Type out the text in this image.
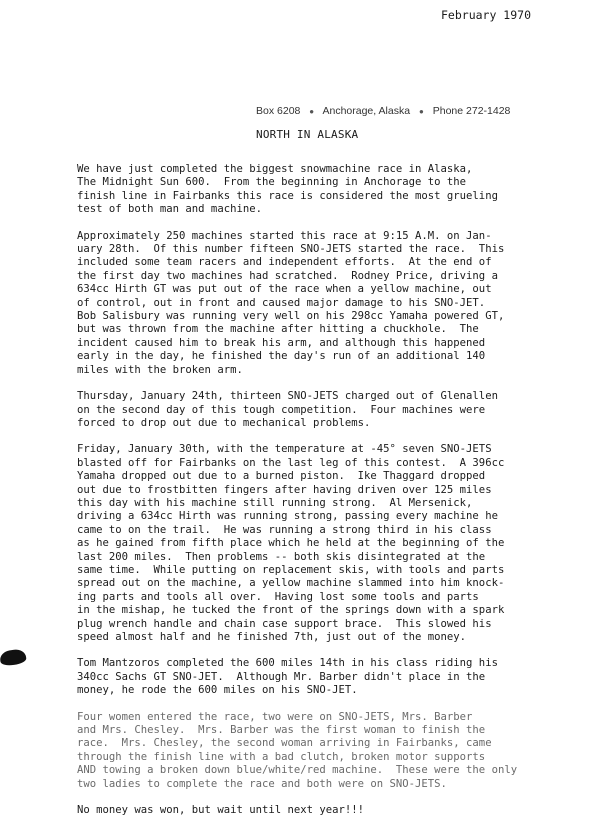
February 1970
Box 6208 ● Anchorage, Alaska ● Phone 272-1428
NORTH IN ALASKA

We have just completed the biggest snowmachine race in Alaska,
The Midnight Sun 600.  From the beginning in Anchorage to the
finish line in Fairbanks this race is considered the most grueling
test of both man and machine.

Approximately 250 machines started this race at 9:15 A.M. on Jan-
uary 28th.  Of this number fifteen SNO-JETS started the race.  This
included some team racers and independent efforts.  At the end of
the first day two machines had scratched.  Rodney Price, driving a
634cc Hirth GT was put out of the race when a yellow machine, out
of control, out in front and caused major damage to his SNO-JET.
Bob Salisbury was running very well on his 298cc Yamaha powered GT,
but was thrown from the machine after hitting a chuckhole.  The
incident caused him to break his arm, and although this happened
early in the day, he finished the day's run of an additional 140
miles with the broken arm.

Thursday, January 24th, thirteen SNO-JETS charged out of Glenallen
on the second day of this tough competition.  Four machines were
forced to drop out due to mechanical problems.

Friday, January 30th, with the temperature at -45° seven SNO-JETS
blasted off for Fairbanks on the last leg of this contest.  A 396cc
Yamaha dropped out due to a burned piston.  Ike Thaggard dropped
out due to frostbitten fingers after having driven over 125 miles
this day with his machine still running strong.  Al Mersenick,
driving a 634cc Hirth was running strong, passing every machine he
came to on the trail.  He was running a strong third in his class
as he gained from fifth place which he held at the beginning of the
last 200 miles.  Then problems -- both skis disintegrated at the
same time.  While putting on replacement skis, with tools and parts
spread out on the machine, a yellow machine slammed into him knock-
ing parts and tools all over.  Having lost some tools and parts
in the mishap, he tucked the front of the springs down with a spark
plug wrench handle and chain case support brace.  This slowed his
speed almost half and he finished 7th, just out of the money.

Tom Mantzoros completed the 600 miles 14th in his class riding his
340cc Sachs GT SNO-JET.  Although Mr. Barber didn't place in the
money, he rode the 600 miles on his SNO-JET.

Four women entered the race, two were on SNO-JETS, Mrs. Barber
and Mrs. Chesley.  Mrs. Barber was the first woman to finish the
race.  Mrs. Chesley, the second woman arriving in Fairbanks, came
through the finish line with a bad clutch, broken motor supports
AND towing a broken down blue/white/red machine.  These were the only
two ladies to complete the race and both were on SNO-JETS.

No money was won, but wait until next year!!!
